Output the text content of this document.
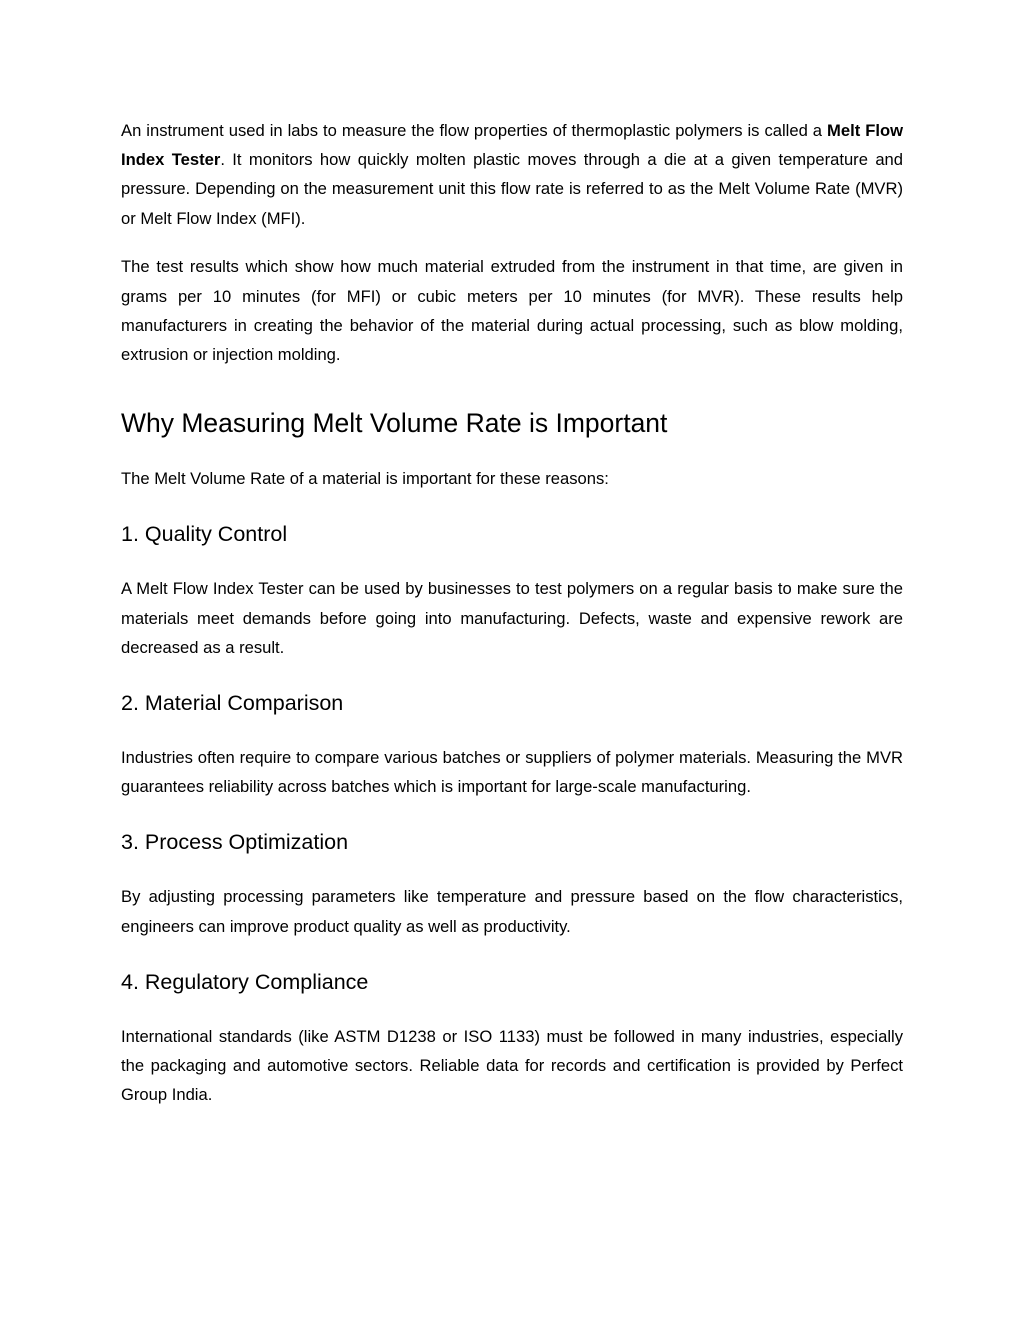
An instrument used in labs to measure the flow properties of thermoplastic polymers is called a Melt Flow Index Tester. It monitors how quickly molten plastic moves through a die at a given temperature and pressure. Depending on the measurement unit this flow rate is referred to as the Melt Volume Rate (MVR) or Melt Flow Index (MFI).

The test results which show how much material extruded from the instrument in that time, are given in grams per 10 minutes (for MFI) or cubic meters per 10 minutes (for MVR). These results help manufacturers in creating the behavior of the material during actual processing, such as blow molding, extrusion or injection molding.

Why Measuring Melt Volume Rate is Important

The Melt Volume Rate of a material is important for these reasons:

1. Quality Control

A Melt Flow Index Tester can be used by businesses to test polymers on a regular basis to make sure the materials meet demands before going into manufacturing. Defects, waste and expensive rework are decreased as a result.

2. Material Comparison

Industries often require to compare various batches or suppliers of polymer materials. Measuring the MVR guarantees reliability across batches which is important for large-scale manufacturing.

3. Process Optimization

By adjusting processing parameters like temperature and pressure based on the flow characteristics, engineers can improve product quality as well as productivity.

4. Regulatory Compliance

International standards (like ASTM D1238 or ISO 1133) must be followed in many industries, especially the packaging and automotive sectors. Reliable data for records and certification is provided by Perfect Group India.
